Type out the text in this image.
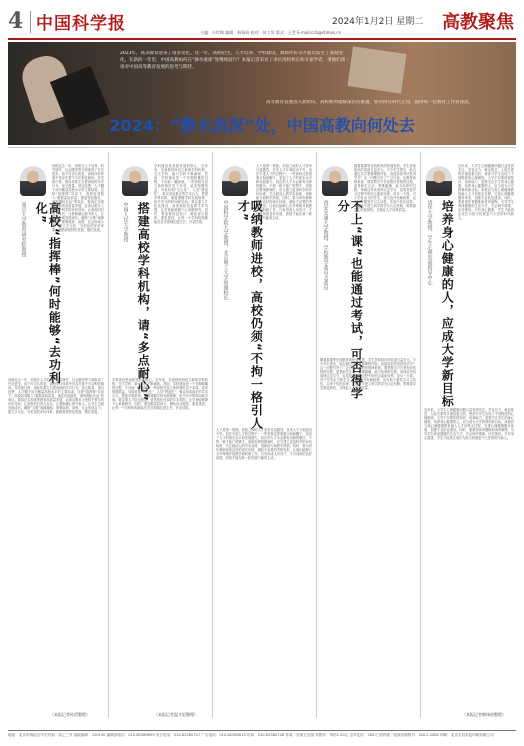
4 中国科学报	2024年1月2日 星期二 高教聚焦
主编：计红梅 编辑：韩扬眉 校对：何工劳 版式：王莹 E-mail:ccb@stimes.cn
2023年，高等教育迎来了诸多变化。这一年，高校招生、人才培养、学科建设、教师评价等方面均发生了深刻变化。在新的一年里，中国高教如何在“静水流深”处继续前行？本报记者采访了多位高校校长和专家学者，请他们谈一谈对中国高等教育发展的思考与期待。
高等教育发展进入新阶段，高校如何破解深层次难题，如何回应时代之问，值得每一位教育工作者深思。
2024：“静水流深”处，中国高教向何处去
高校“指挥棒”何时能够“去功利化”
南京大学教育研究院教授
回顾过去一年，高校在人才培养、科学研究、社会服务等方面取得了长足进步。但不可否认的是，高校评价体系中仍存在着不少功利化倾向。各类排行榜、指标体系左右着高校的办学行为，论文数量、项目经费、人才帽子成为衡量高校水平的主要标准。这种“指挥棒”导向下，高校容易陷入“重数量轻质量、重显性轻隐性、重短期轻长远”的误区。要真正实现高等教育高质量发展，必须从根本上扭转不科学的评价导向，让高校回归育人本位，让教师潜心教书育人，让学生全面发展成长。破除“五唯”顽瘴痼疾，需要政府、高校、社会形成合力，建立多元化、分类化的评价体系，鼓励高校特色发展、错位发展。
回顾过去一年，高校在人才培养、科学研究、社会服务等方面取得了长足进步。但不可否认的是，高校评价体系中仍存在着不少功利化倾向。各类排行榜、指标体系左右着高校的办学行为，论文数量、项目经费、人才帽子成为衡量高校水平的主要标准。这种“指挥棒”导向下，高校容易陷入“重数量轻质量、重显性轻隐性、重短期轻长远”的误区。要真正实现高等教育高质量发展，必须从根本上扭转不科学的评价导向，让高校回归育人本位，让教师潜心教书育人，让学生全面发展成长。破除“五唯”顽瘴痼疾，需要政府、高校、社会形成合力，建立多元化、分类化的评价体系，鼓励高校特色发展、错位发展。
（本报记者孙滔整理）
搭建高校学科机构，请“多点耐心”
中国人民大学教授
学科建设是高校发展的核心。近年来，各高校纷纷设立新的学科机构，交叉学科、新兴学科不断涌现。然而，学科建设是一个长期积累的过程，不可能一蹴而就。一些高校在设立新机构时急于求成，追求短期效益，导致机构“空心化”、人员“拼盘化”，难以形成真正的学术合力。搭建学科机构，需要遵循学科发展规律，给予充分的时间和空间。要注重人才队伍建设，营造宽松包容的学术氛围，让学者能够静下心来做研究。同时，要加强顶层设计，避免盲目跟风、重复建设，让每一个学科机构都能在各自领域扎根生长、开花结果。
学科建设是高校发展的核心。近年来，各高校纷纷设立新的学科机构，交叉学科、新兴学科不断涌现。然而，学科建设是一个长期积累的过程，不可能一蹴而就。一些高校在设立新机构时急于求成，追求短期效益，导致机构“空心化”、人员“拼盘化”，难以形成真正的学术合力。搭建学科机构，需要遵循学科发展规律，给予充分的时间和空间。要注重人才队伍建设，营造宽松包容的学术氛围，让学者能够静下心来做研究。同时，要加强顶层设计，避免盲目跟风、重复建设，让每一个学科机构都能在各自领域扎根生长、开花结果。
（本报记者温才妃整理）
吸纳教师进校，高校仍须“不拘一格引人才”
中国科学院大学教授、北京理工大学原副校长
人才是第一资源。高校之间的人才竞争日趋激烈，各类人才计划层出不穷。但在引进人才的过程中，一些高校过度看重头衔和帽子，忽视了人才的真实水平和发展潜力。真正的人才未必都有光鲜的履历，不拘一格才能广纳贤才。高校在吸纳教师时，应当建立更加科学的评价标准，关注候选人的学术品味、创新能力和教学热情。同时，要为青年教师创造良好的成长环境，减轻不必要的考核负担，让他们能够心无旁骛地开展教学和科研工作。只有形成人尽其才、才尽其用的良好局面，高校才能在新一轮发展中赢得主动。
人才是第一资源。高校之间的人才竞争日趋激烈，各类人才计划层出不穷。但在引进人才的过程中，一些高校过度看重头衔和帽子，忽视了人才的真实水平和发展潜力。真正的人才未必都有光鲜的履历，不拘一格才能广纳贤才。高校在吸纳教师时，应当建立更加科学的评价标准，关注候选人的学术品味、创新能力和教学热情。同时，要为青年教师创造良好的成长环境，减轻不必要的考核负担，让他们能够心无旁骛地开展教学和科研工作。只有形成人尽其才、才尽其用的良好局面，高校才能在新一轮发展中赢得主动。
不上“课”也能通过考试，可否得学分
西安交通大学教授、学校教学委员会委员
随着慕课等在线教育的快速发展，学生获取知识的渠道日益多元。不少学生提出，能否通过自学掌握课程内容，直接参加考试获得学分？这一问题引发了广泛讨论。从教育规律来看，课堂教学不仅是知识传授的过程，更是师生互动、思维碰撞、能力培养的过程。单纯以考试成绩认定学分，容易忽视学习过程中的综合素质培养。但另一方面，对于学有余力的学生，适当放开免修政策，也有助于激发学习主动性，实现个性化培养。关键在于建立科学的学分认定机制，既尊重学生的选择权，又保证人才培养质量。
随着慕课等在线教育的快速发展，学生获取知识的渠道日益多元。不少学生提出，能否通过自学掌握课程内容，直接参加考试获得学分？这一问题引发了广泛讨论。从教育规律来看，课堂教学不仅是知识传授的过程，更是师生互动、思维碰撞、能力培养的过程。单纯以考试成绩认定学分，容易忽视学习过程中的综合素质培养。但另一方面，对于学有余力的学生，适当放开免修政策，也有助于激发学习主动性，实现个性化培养。关键在于建立科学的学分认定机制，既尊重学生的选择权，又保证人才培养质量。	培养身心健康的人，应成大学新目标
清华大学教授、学生心理发展指导中心
近年来，大学生心理健康问题日益受到关注。学业压力、就业焦虑、人际关系等多重因素交织，使部分学生出现了不同程度的心理困扰。大学不仅要传授知识、培养能力，更要关注学生的身心健康。培养身心健康的人，应当成为大学教育的新目标。高校应当将心理健康教育融入人才培养全过程，完善心理健康服务体系，加强专业队伍建设。同时，要重视体育锻炼和美育熏陶，引导学生养成健康的生活方式，学会调节情绪、应对挫折。只有身心健康，学生才能真正成长为担当民族复兴大任的时代新人。
近年来，大学生心理健康问题日益受到关注。学业压力、就业焦虑、人际关系等多重因素交织，使部分学生出现了不同程度的心理困扰。大学不仅要传授知识、培养能力，更要关注学生的身心健康。培养身心健康的人，应当成为大学教育的新目标。高校应当将心理健康教育融入人才培养全过程，完善心理健康服务体系，加强专业队伍建设。同时，要重视体育锻炼和美育熏陶，引导学生养成健康的生活方式，学会调节情绪、应对挫折。只有身心健康，学生才能真正成长为担当民族复兴大任的时代新人。
（本报记者韩扬眉整理）
地址：北京市海淀区中关村南一条乙三号 邮政编码：100190 编辑部电话：010-62580699 发行电话：010-62580707 广告电话：010-62580615 传真：010-62580708 每周一至周五出版 零售价：每份1.50元 全年定价：300元 国内统一连续出版物号：CN11-0084 印刷：北京宝昌彩色印刷有限公司
